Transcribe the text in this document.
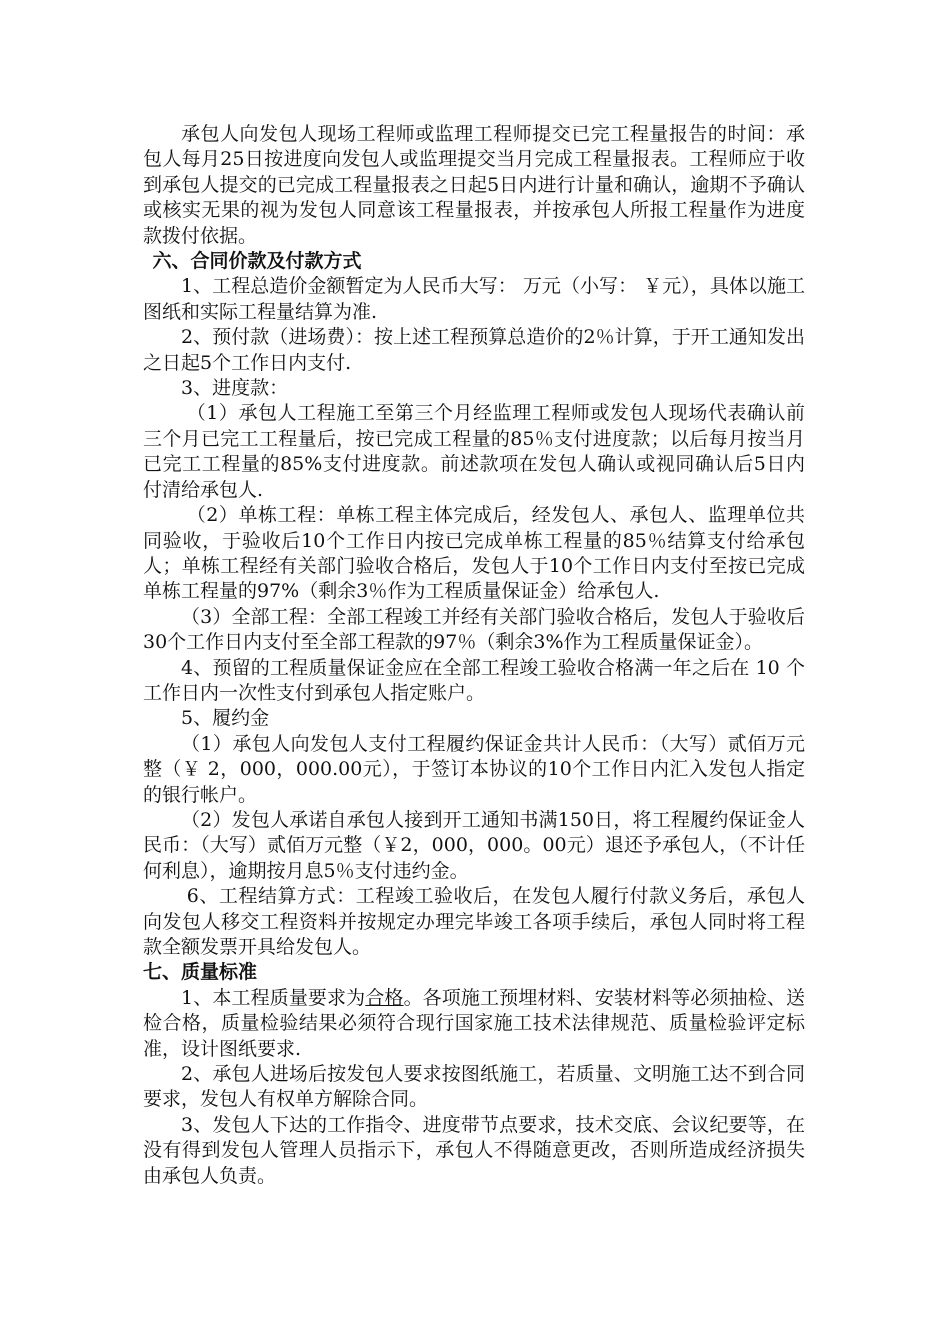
承包人向发包人现场工程师或监理工程师提交已完工程量报告的时间：承包人每月25日按进度向发包人或监理提交当月完成工程量报表。工程师应于收到承包人提交的已完成工程量报表之日起5日内进行计量和确认，逾期不予确认或核实无果的视为发包人同意该工程量报表，并按承包人所报工程量作为进度款拨付依据。

六、合同价款及付款方式

1、工程总造价金额暂定为人民币大写： 万元（小写： ￥元），具体以施工图纸和实际工程量结算为准.

2、预付款（进场费）：按上述工程预算总造价的2％计算，于开工通知发出之日起5个工作日内支付.

3、进度款：

（1）承包人工程施工至第三个月经监理工程师或发包人现场代表确认前三个月已完工工程量后，按已完成工程量的85％支付进度款；以后每月按当月已完工工程量的85%支付进度款。前述款项在发包人确认或视同确认后5日内付清给承包人.

（2）单栋工程：单栋工程主体完成后，经发包人、承包人、监理单位共同验收，于验收后10个工作日内按已完成单栋工程量的85％结算支付给承包人；单栋工程经有关部门验收合格后，发包人于10个工作日内支付至按已完成单栋工程量的97%（剩余3％作为工程质量保证金）给承包人.

（3）全部工程：全部工程竣工并经有关部门验收合格后，发包人于验收后30个工作日内支付至全部工程款的97％（剩余3%作为工程质量保证金）。

4、预留的工程质量保证金应在全部工程竣工验收合格满一年之后在 10 个工作日内一次性支付到承包人指定账户。

5、履约金

（1）承包人向发包人支付工程履约保证金共计人民币：（大写）贰佰万元整（￥ 2，000，000.00元），于签订本协议的10个工作日内汇入发包人指定的银行帐户。

（2）发包人承诺自承包人接到开工通知书满150日，将工程履约保证金人民币：（大写）贰佰万元整（￥2，000，000。00元）退还予承包人，（不计任何利息），逾期按月息5％支付违约金。

6、工程结算方式：工程竣工验收后，在发包人履行付款义务后，承包人向发包人移交工程资料并按规定办理完毕竣工各项手续后，承包人同时将工程款全额发票开具给发包人。

七、质量标准

1、本工程质量要求为合格。各项施工预埋材料、安装材料等必须抽检、送检合格，质量检验结果必须符合现行国家施工技术法律规范、质量检验评定标准，设计图纸要求.

2、承包人进场后按发包人要求按图纸施工，若质量、文明施工达不到合同要求，发包人有权单方解除合同。

3、发包人下达的工作指令、进度带节点要求，技术交底、会议纪要等，在没有得到发包人管理人员指示下，承包人不得随意更改，否则所造成经济损失由承包人负责。
